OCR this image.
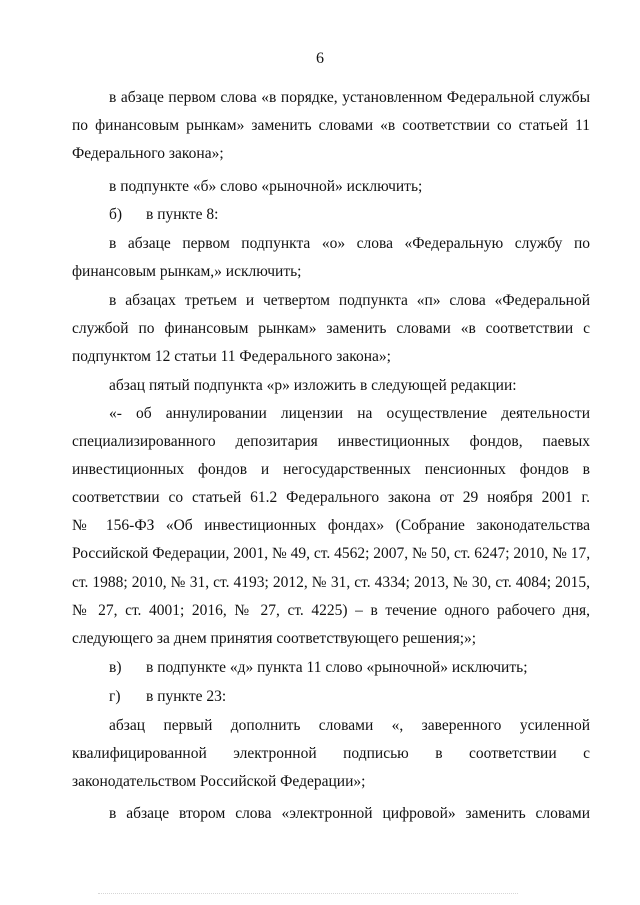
6
в абзаце первом слова «в порядке, установленном Федеральной службы
по финансовым рынкам» заменить словами «в соответствии со статьей 11
Федерального закона»;
в подпункте «б» слово «рыночной» исключить;
б) в пункте 8:
в абзаце первом подпункта «о» слова «Федеральную службу по
финансовым рынкам,» исключить;
в абзацах третьем и четвертом подпункта «п» слова «Федеральной
службой по финансовым рынкам» заменить словами «в соответствии с
подпунктом 12 статьи 11 Федерального закона»;
абзац пятый подпункта «р» изложить в следующей редакции:
«- об аннулировании лицензии на осуществление деятельности
специализированного депозитария инвестиционных фондов, паевых
инвестиционных фондов и негосударственных пенсионных фондов в
соответствии со статьей 61.2 Федерального закона от 29 ноября 2001 г.
№ 156-ФЗ «Об инвестиционных фондах» (Собрание законодательства
Российской Федерации, 2001, № 49, ст. 4562; 2007, № 50, ст. 6247; 2010, № 17,
ст. 1988; 2010, № 31, ст. 4193; 2012, № 31, ст. 4334; 2013, № 30, ст. 4084; 2015,
№ 27, ст. 4001; 2016, № 27, ст. 4225) – в течение одного рабочего дня,
следующего за днем принятия соответствующего решения;»;
в) в подпункте «д» пункта 11 слово «рыночной» исключить;
г) в пункте 23:
абзац первый дополнить словами «, заверенного усиленной
квалифицированной электронной подписью в соответствии с
законодательством Российской Федерации»;
в абзаце втором слова «электронной цифровой» заменить словами
